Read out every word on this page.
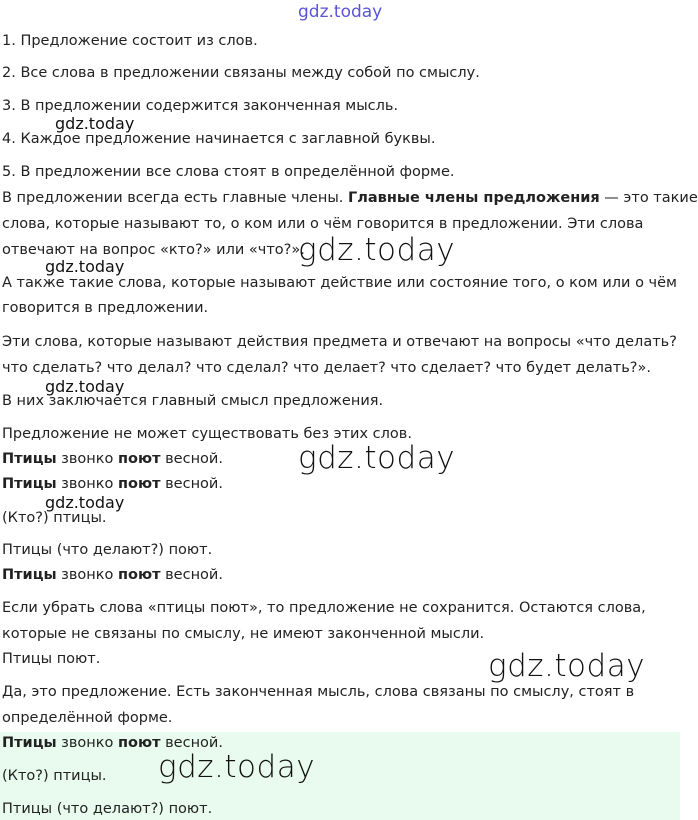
gdz.today
gdz.today
gdz.today
gdz.today
gdz.today
gdz.today
gdz.today
gdz.today
gdz.today
1. Предложение состоит из слов.
2. Все слова в предложении связаны между собой по смыслу.
3. В предложении содержится законченная мысль.
4. Каждое предложение начинается с заглавной буквы.
5. В предложении все слова стоят в определённой форме.
В предложении всегда есть главные члены. Главные члены предложения — это такие
слова, которые называют то, о ком или о чём говорится в предложении. Эти слова
отвечают на вопрос «кто?» или «что?».
А также такие слова, которые называют действие или состояние того, о ком или о чём
говорится в предложении.
Эти слова, которые называют действия предмета и отвечают на вопросы «что делать?
что сделать? что делал? что сделал? что делает? что сделает? что будет делать?».
В них заключается главный смысл предложения.
Предложение не может существовать без этих слов.
Птицы звонко поют весной.
Птицы звонко поют весной.
(Кто?) птицы.
Птицы (что делают?) поют.
Птицы звонко поют весной.
Если убрать слова «птицы поют», то предложение не сохранится. Остаются слова,
которые не связаны по смыслу, не имеют законченной мысли.
Птицы поют.
Да, это предложение. Есть законченная мысль, слова связаны по смыслу, стоят в
определённой форме.
Птицы звонко поют весной.
(Кто?) птицы.
Птицы (что делают?) поют.
